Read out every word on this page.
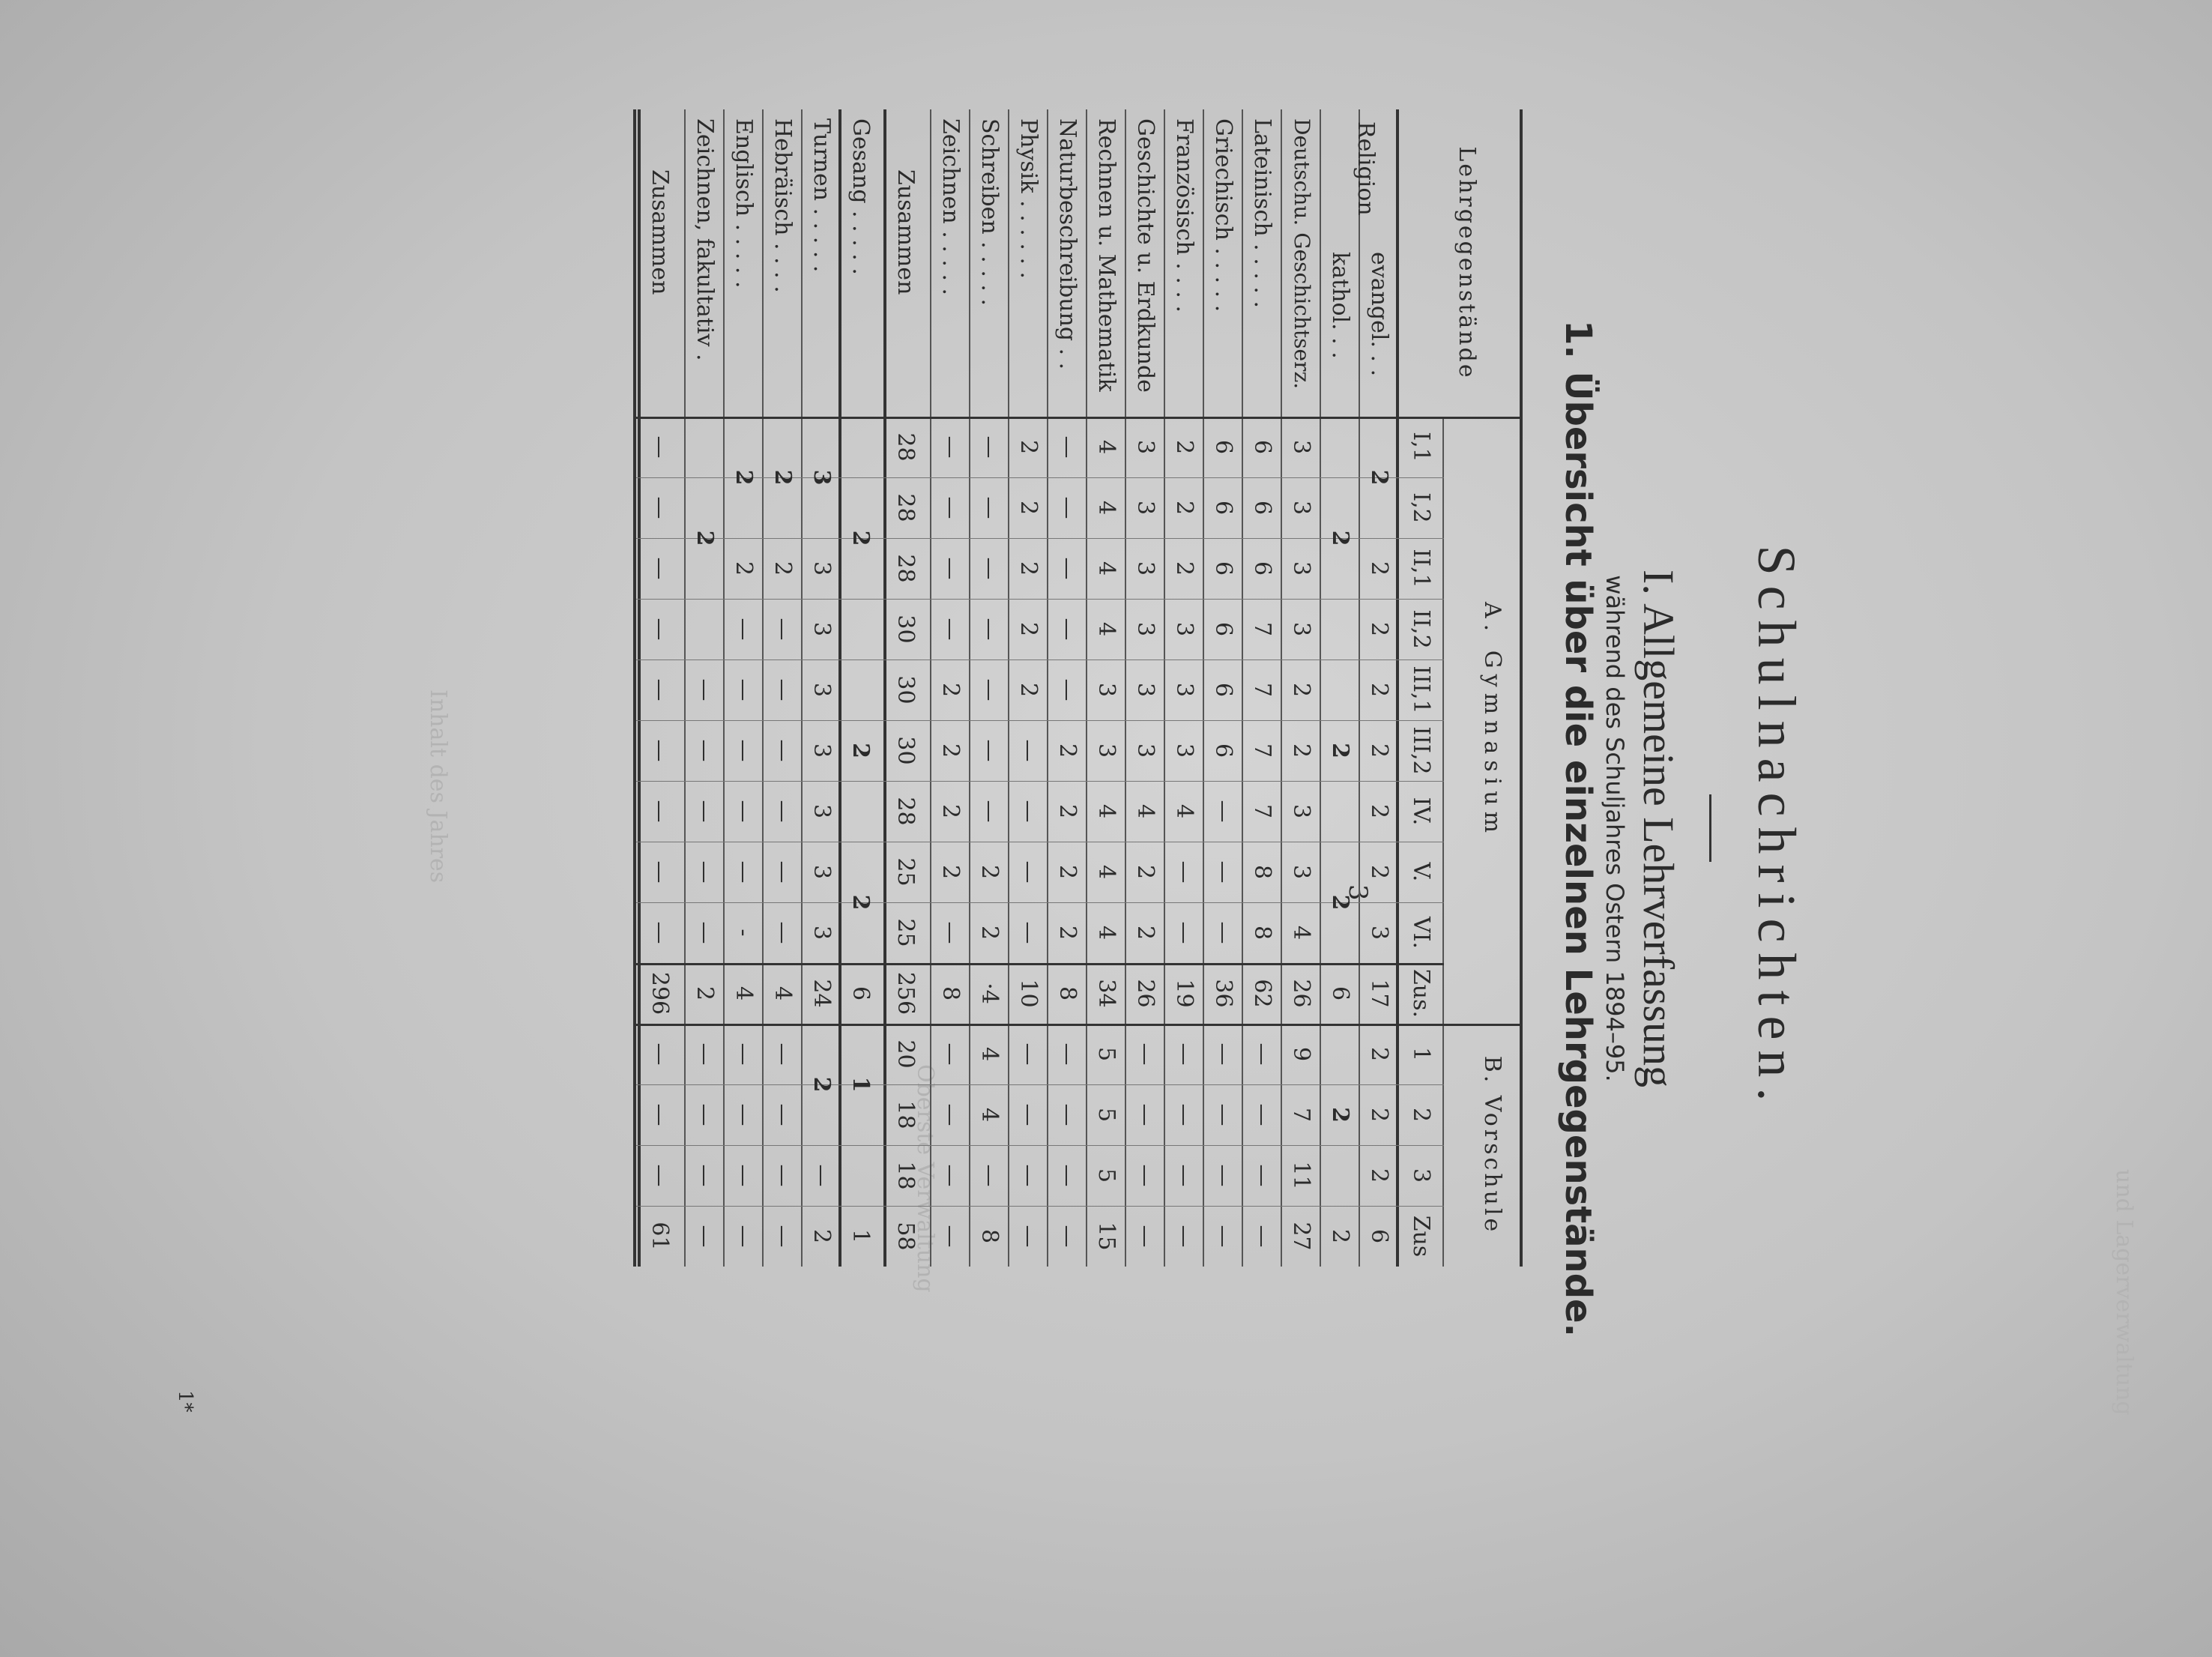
3
und Lagerverwaltung
Oberste Verwaltung
Inhalt des Jahres	Schulnachrichten.
I. Allgemeine Lehrverfassung
während des Schuljahres Ostern 1894–95.
1. Übersicht über die einzelnen Lehrgegenstände.
Lehrgegenstände
A. Gymnasium
B. Vorschule
I,1
I,2
II,1
II,2
III,1
III,2
IV.
V.
VI.
Zus.
1
2
3
Zus
Religion
evangel. . .
2
2
2
2
2
2
3
17
2
2
2
6
kathol. . .
6
2
Deutschu. Geschichtserz.
3
3
3
3
2
2
3
3
4
26
9
7
11
27
Lateinisch . . . . .
6
6
6
7
7
7
7
8
8
62
—
—
—
—
Griechisch . . . . .
6
6
6
6
6
6
—
—
—
36
—
—
—
—
Französisch . . . .
2
2
2
3
3
3
4
—
—
19
—
—
—
—
Geschichte u. Erdkunde
3
3
3
3
3
3
4
2
2
26
—
—
—
—
Rechnen u. Mathematik
4
4
4
4
3
3
4
4
4
34
5
5
5
15
Naturbeschreibung . .
—
—
—
—
—
2
2
2
2
8
—
—
—
—
Physik . . . . . .
2
2
2
2
2
—
—
—
—
10
—
—
—
—
Schreiben . . . . .
—
—
—
—
—
—
—
2
2
·4
4
4
—
8
Zeichnen . . . . .
—
—
—
—
2
2
2
2
—
8
—
—
—
—
Zusammen
28
28
28
30
30
30
28
25
25
256
20
18
18
58
Gesang . . . . .
6
1
Turnen . . . . .
3
3
3
3
3
3
3
24
—
2
Hebräisch . . . .
2
—
—
—
—
—
—
4
—
—
—
—
Englisch . . . . .
2
—
—
—
—
—
-
4
—
—
—
—
Zeichnen, fakultativ .
—
—
—
—
—
2
—
—
—
—
Zusammen
—
—
—
—
—
—
—
—
—
296
—
—
—
61
2
2
2
2
2
2
2
2
1
3
2
2
2
2
1*
